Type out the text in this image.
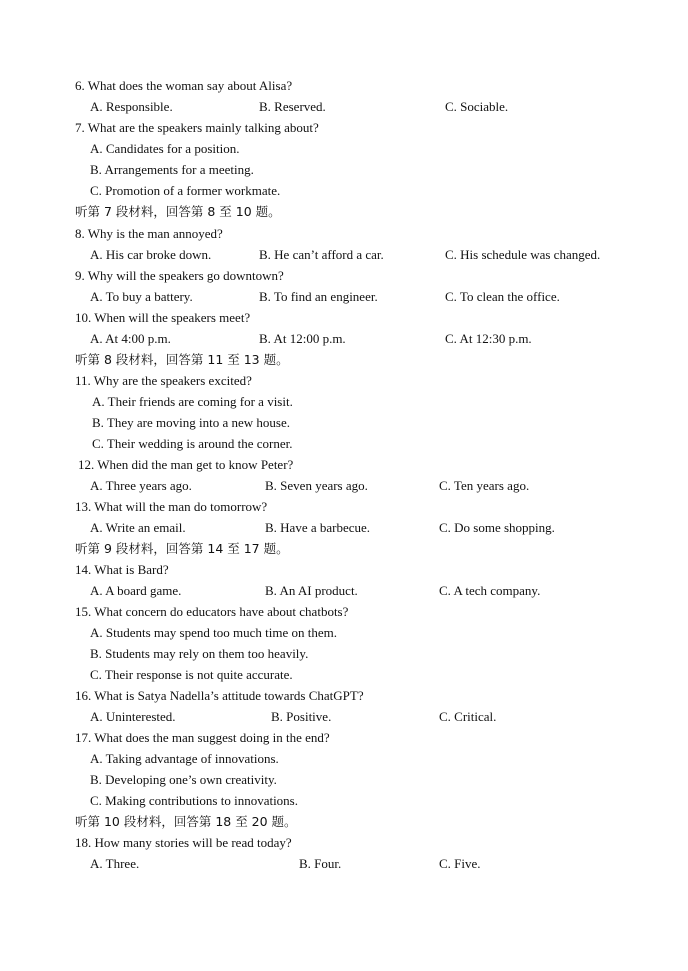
6. What does the woman say about Alisa?
A. Responsible.	B. Reserved.	C. Sociable.
7. What are the speakers mainly talking about?
A. Candidates for a position.
B. Arrangements for a meeting.
C. Promotion of a former workmate.
听第 7 段材料，回答第 8 至 10 题。
8. Why is the man annoyed?
A. His car broke down.	B. He can’t afford a car.	C. His schedule was changed.
9. Why will the speakers go downtown?
A. To buy a battery.	B. To find an engineer.	C. To clean the office.
10. When will the speakers meet?
A. At 4:00 p.m.	B. At 12:00 p.m.	C. At 12:30 p.m.
听第 8 段材料，回答第 11 至 13 题。
11. Why are the speakers excited?
A. Their friends are coming for a visit.
B. They are moving into a new house.
C. Their wedding is around the corner.
12. When did the man get to know Peter?
A. Three years ago.	B. Seven years ago.	C. Ten years ago.
13. What will the man do tomorrow?
A. Write an email.	B. Have a barbecue.	C. Do some shopping.
听第 9 段材料，回答第 14 至 17 题。
14. What is Bard?
A. A board game.	B. An AI product.	C. A tech company.
15. What concern do educators have about chatbots?
A. Students may spend too much time on them.
B. Students may rely on them too heavily.
C. Their response is not quite accurate.
16. What is Satya Nadella’s attitude towards ChatGPT?
A. Uninterested.	B. Positive.	C. Critical.
17. What does the man suggest doing in the end?
A. Taking advantage of innovations.
B. Developing one’s own creativity.
C. Making contributions to innovations.
听第 10 段材料，回答第 18 至 20 题。
18. How many stories will be read today?
A. Three.	B. Four.	C. Five.
